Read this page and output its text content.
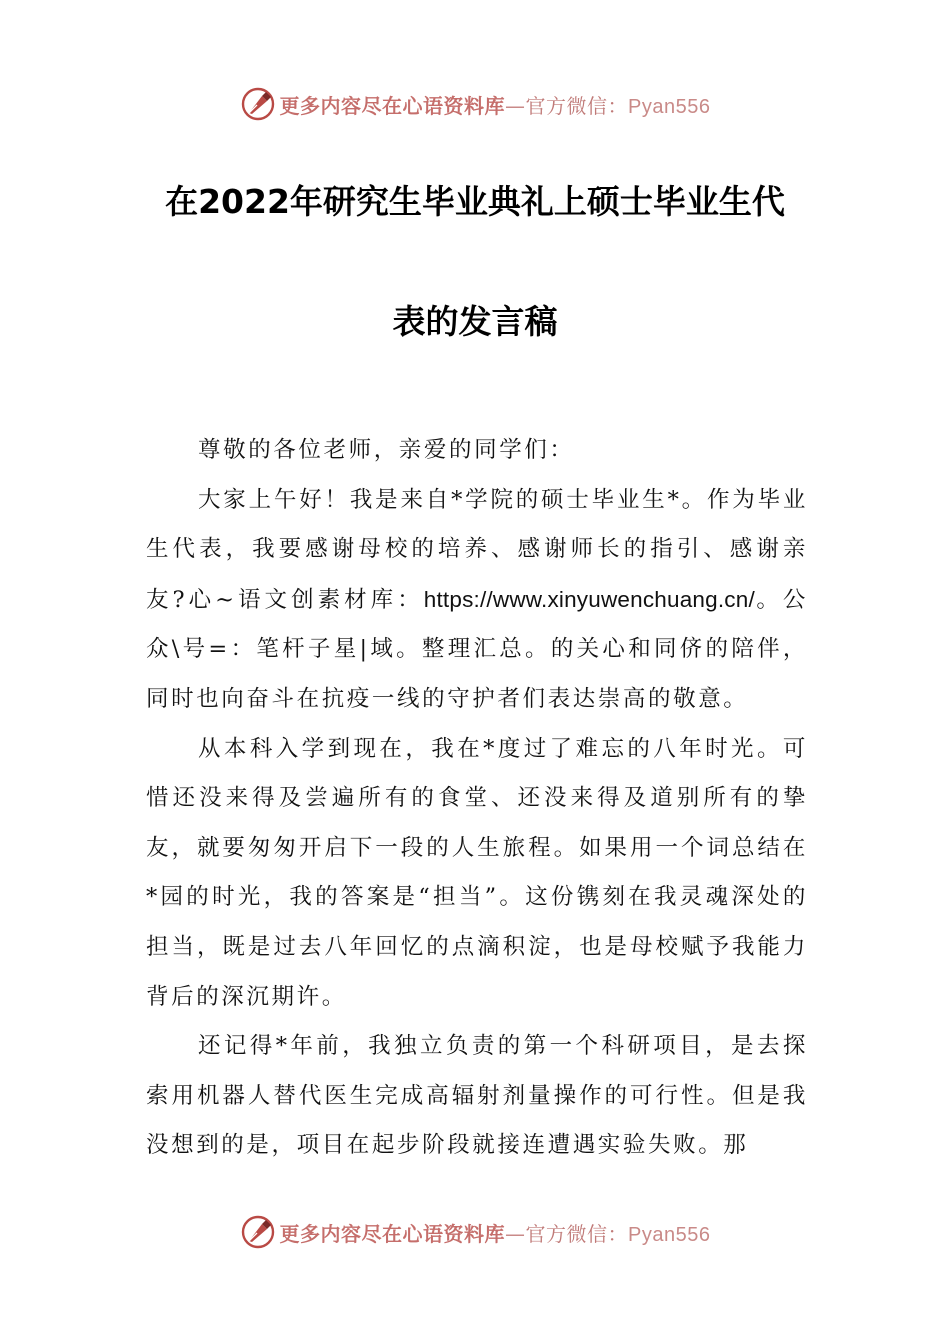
更多内容尽在心语资料库—官方微信：Pyan556
在2022年研究生毕业典礼上硕士毕业生代
表的发言稿

尊敬的各位老师，亲爱的同学们：

大家上午好！我是来自*学院的硕士毕业生*。作为毕业生代表，我要感谢母校的培养、感谢师长的指引、感谢亲友?心~语文创素材库：https://www.xinyuwenchuang.cn/。公众\号=：笔杆子星|域。整理汇总。的关心和同侪的陪伴，同时也向奋斗在抗疫一线的守护者们表达崇高的敬意。

从本科入学到现在，我在*度过了难忘的八年时光。可惜还没来得及尝遍所有的食堂、还没来得及道别所有的挚友，就要匆匆开启下一段的人生旅程。如果用一个词总结在*园的时光，我的答案是“担当”。这份镌刻在我灵魂深处的担当，既是过去八年回忆的点滴积淀，也是母校赋予我能力背后的深沉期许。

还记得*年前，我独立负责的第一个科研项目，是去探索用机器人替代医生完成高辐射剂量操作的可行性。但是我没想到的是，项目在起步阶段就接连遭遇实验失败。那

更多内容尽在心语资料库—官方微信：Pyan556
